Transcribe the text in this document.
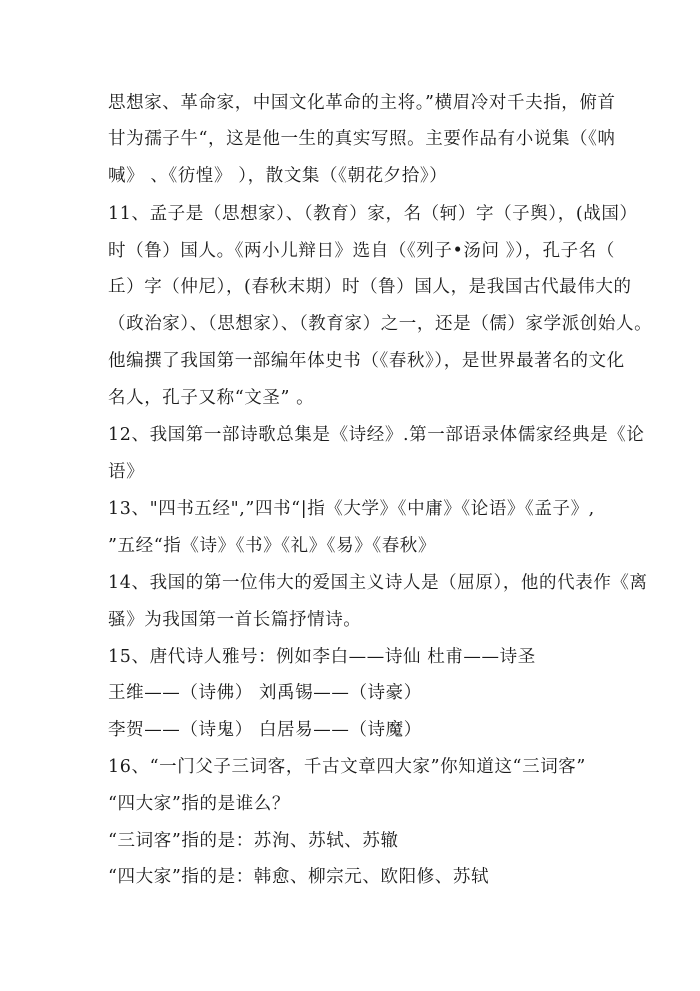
思想家、革命家，中国文化革命的主将。”横眉冷对千夫指，俯首
甘为孺子牛“，这是他一生的真实写照。主要作品有小说集（《呐
喊》 、《彷惶》 ），散文集（《朝花夕拾》）
11、孟子是（思想家）、（教育）家，名（轲）字（子舆），(战国）
时（鲁）国人。《两小儿辩日》选自（《列子•汤问 》），孔子名（
丘）字（仲尼），(春秋末期）时（鲁）国人，是我国古代最伟大的
（政治家）、（思想家）、（教育家）之一，还是（儒）家学派创始人。
他编撰了我国第一部编年体史书（《春秋》），是世界最著名的文化
名人，孔子又称“文圣” 。
12、我国第一部诗歌总集是《诗经》.第一部语录体儒家经典是《论
语》
13、"四书五经",”四书“|指《大学》《中庸》《论语》《孟子》,
”五经“指《诗》《书》《礼》《易》《春秋》
14、我国的第一位伟大的爱国主义诗人是（屈原），他的代表作《离
骚》为我国第一首长篇抒情诗。
15、唐代诗人雅号：例如李白——诗仙 杜甫——诗圣
王维——（诗佛） 刘禹锡——（诗豪）
李贺——（诗鬼） 白居易——（诗魔）
16、“一门父子三词客，千古文章四大家”你知道这“三词客”
“四大家”指的是谁么？
“三词客”指的是：苏洵、苏轼、苏辙
“四大家”指的是：韩愈、柳宗元、欧阳修、苏轼
